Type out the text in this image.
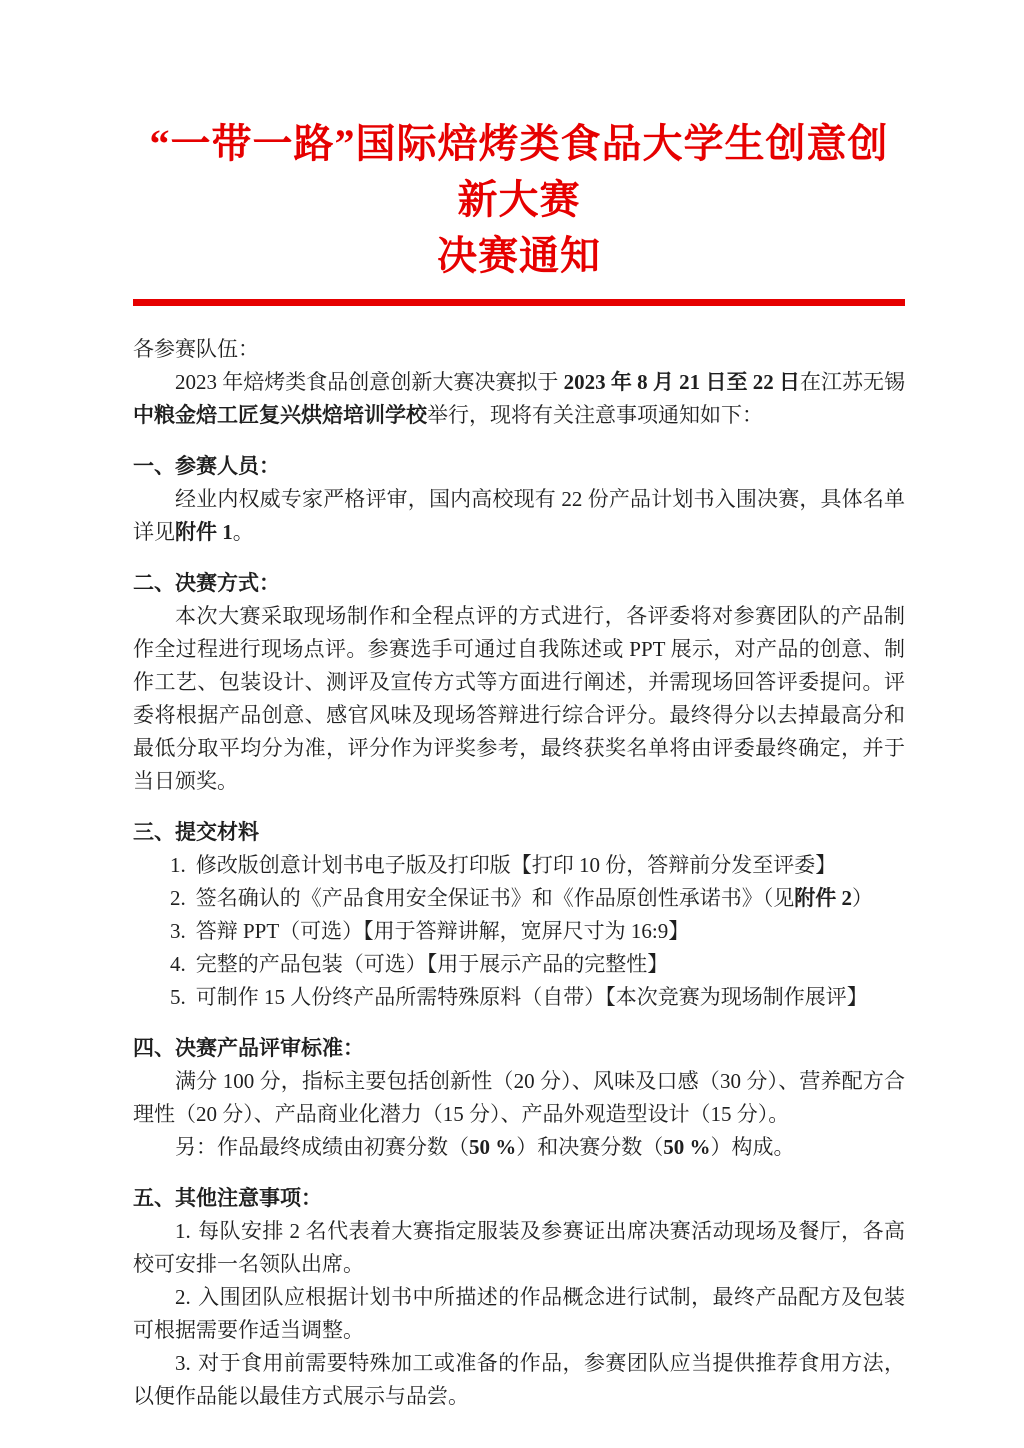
“一带一路”国际焙烤类食品大学生创意创新大赛
决赛通知

各参赛队伍：

2023 年焙烤类食品创意创新大赛决赛拟于 2023 年 8 月 21 日至 22 日在江苏无锡中粮金焙工匠复兴烘焙培训学校举行，现将有关注意事项通知如下：

一、参赛人员：

经业内权威专家严格评审，国内高校现有 22 份产品计划书入围决赛，具体名单详见附件 1。

二、决赛方式：

本次大赛采取现场制作和全程点评的方式进行，各评委将对参赛团队的产品制作全过程进行现场点评。参赛选手可通过自我陈述或 PPT 展示，对产品的创意、制作工艺、包装设计、测评及宣传方式等方面进行阐述，并需现场回答评委提问。评委将根据产品创意、感官风味及现场答辩进行综合评分。最终得分以去掉最高分和最低分取平均分为准，评分作为评奖参考，最终获奖名单将由评委最终确定，并于当日颁奖。

三、提交材料
1. 修改版创意计划书电子版及打印版【打印 10 份，答辩前分发至评委】
2. 签名确认的《产品食用安全保证书》和《作品原创性承诺书》（见附件 2）
3. 答辩 PPT（可选）【用于答辩讲解，宽屏尺寸为 16:9】
4. 完整的产品包装（可选）【用于展示产品的完整性】
5. 可制作 15 人份终产品所需特殊原料（自带）【本次竞赛为现场制作展评】
四、决赛产品评审标准：

满分 100 分，指标主要包括创新性（20 分）、风味及口感（30 分）、营养配方合理性（20 分）、产品商业化潜力（15 分）、产品外观造型设计（15 分）。

另：作品最终成绩由初赛分数（50 %）和决赛分数（50 %）构成。

五、其他注意事项：

1. 每队安排 2 名代表着大赛指定服装及参赛证出席决赛活动现场及餐厅，各高校可安排一名领队出席。

2. 入围团队应根据计划书中所描述的作品概念进行试制，最终产品配方及包装可根据需要作适当调整。

3. 对于食用前需要特殊加工或准备的作品，参赛团队应当提供推荐食用方法，以便作品能以最佳方式展示与品尝。
